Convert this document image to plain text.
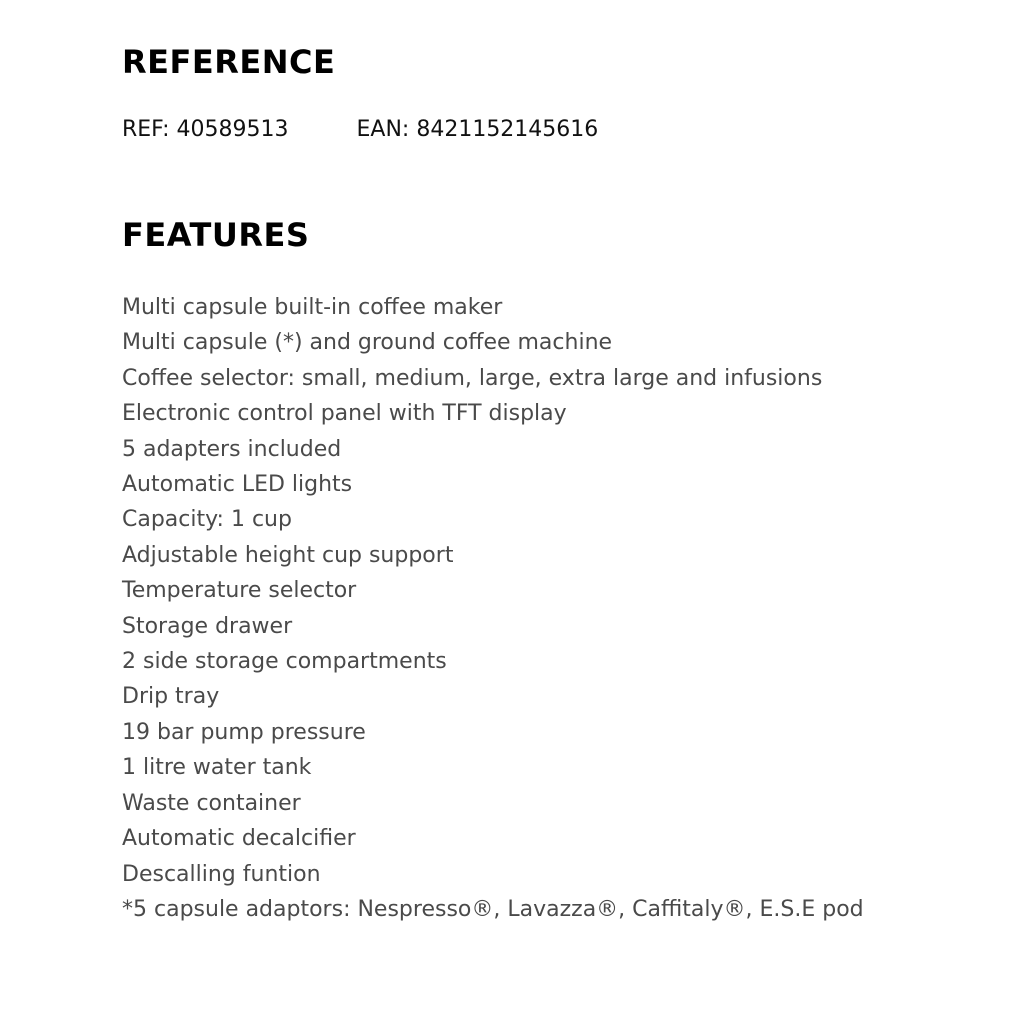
REFERENCE
REF: 40589513	EAN: 8421152145616
FEATURES
Multi capsule built-in coffee maker
Multi capsule (*) and ground coffee machine
Coffee selector: small, medium, large, extra large and infusions
Electronic control panel with TFT display
5 adapters included
Automatic LED lights
Capacity: 1 cup
Adjustable height cup support
Temperature selector
Storage drawer
2 side storage compartments
Drip tray
19 bar pump pressure
1 litre water tank
Waste container
Automatic decalcifier
Descalling funtion
*5 capsule adaptors: Nespresso®, Lavazza®, Caffitaly®, E.S.E pod
